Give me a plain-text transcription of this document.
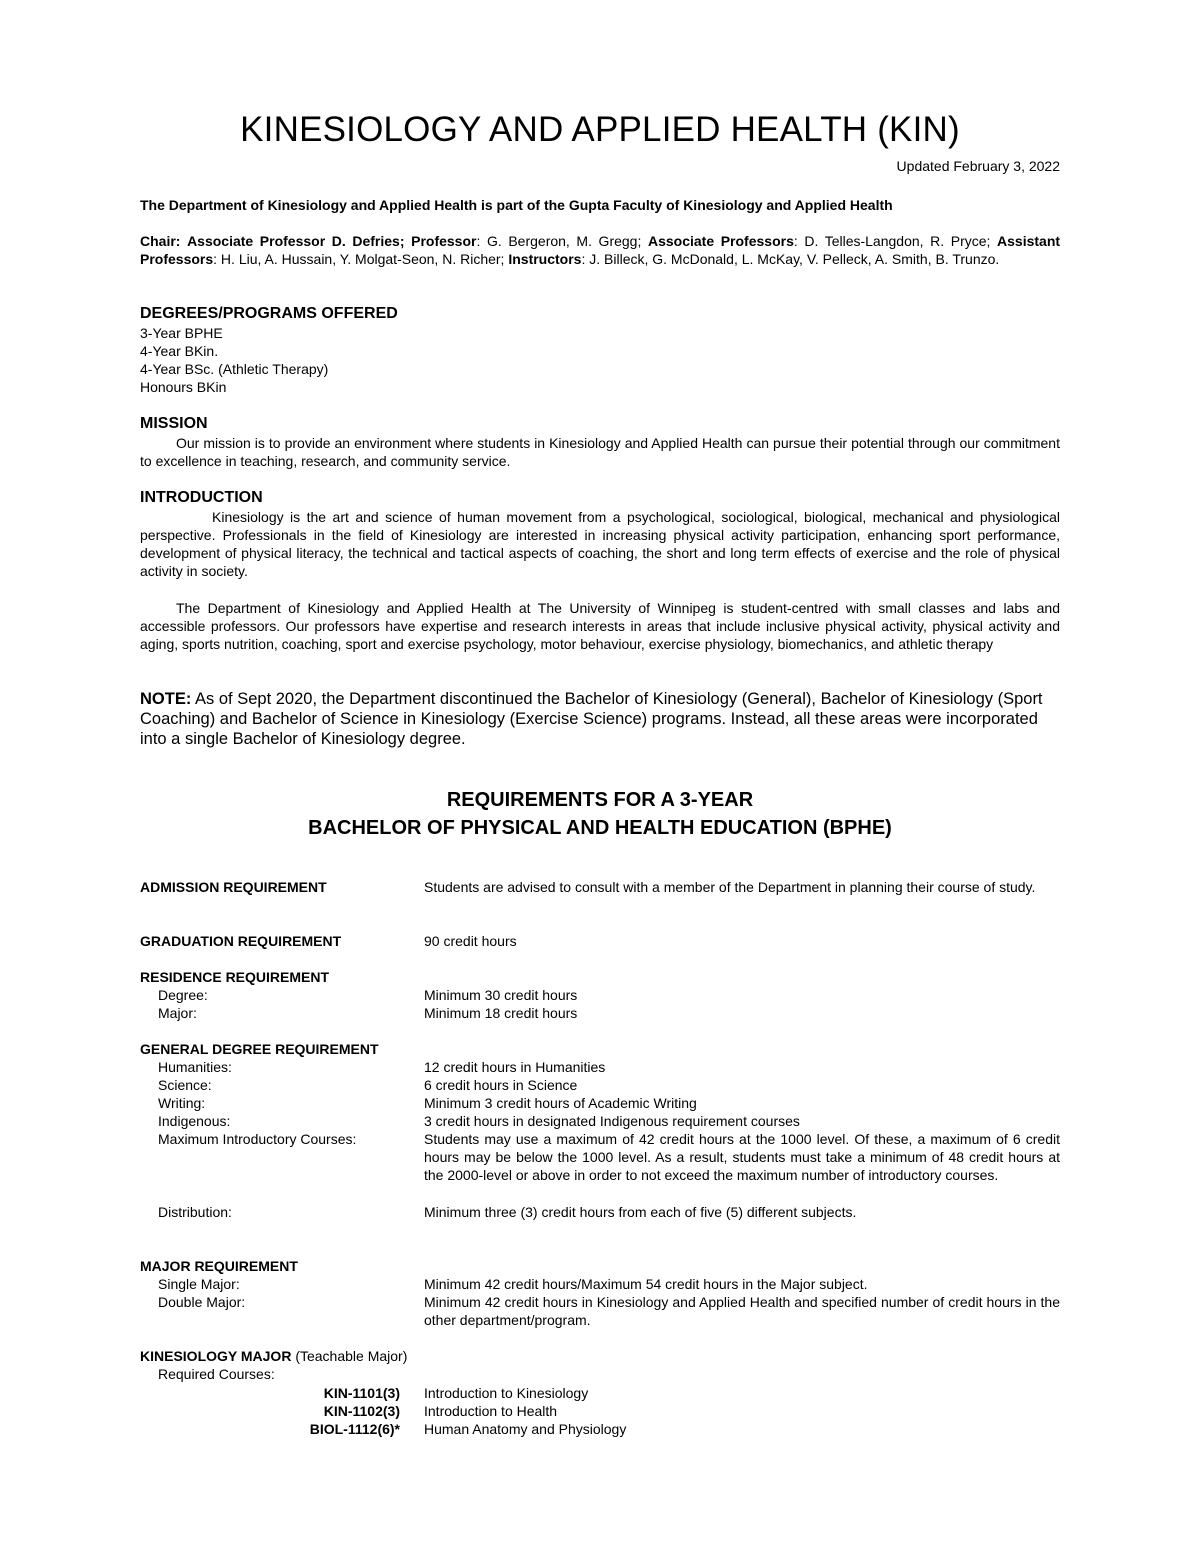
KINESIOLOGY AND APPLIED HEALTH (KIN)
Updated February 3, 2022
The Department of Kinesiology and Applied Health is part of the Gupta Faculty of Kinesiology and Applied Health
Chair: Associate Professor D. Defries; Professor: G. Bergeron, M. Gregg; Associate Professors: D. Telles-Langdon, R. Pryce; Assistant Professors: H. Liu, A. Hussain, Y. Molgat-Seon, N. Richer; Instructors: J. Billeck, G. McDonald, L. McKay, V. Pelleck, A. Smith, B. Trunzo.
DEGREES/PROGRAMS OFFERED
3-Year BPHE
4-Year BKin.
4-Year BSc. (Athletic Therapy)
Honours BKin
MISSION
Our mission is to provide an environment where students in Kinesiology and Applied Health can pursue their potential through our commitment to excellence in teaching, research, and community service.
INTRODUCTION
Kinesiology is the art and science of human movement from a psychological, sociological, biological, mechanical and physiological perspective. Professionals in the field of Kinesiology are interested in increasing physical activity participation, enhancing sport performance, development of physical literacy, the technical and tactical aspects of coaching, the short and long term effects of exercise and the role of physical activity in society.
The Department of Kinesiology and Applied Health at The University of Winnipeg is student-centred with small classes and labs and accessible professors. Our professors have expertise and research interests in areas that include inclusive physical activity, physical activity and aging, sports nutrition, coaching, sport and exercise psychology, motor behaviour, exercise physiology, biomechanics, and athletic therapy
NOTE: As of Sept 2020, the Department discontinued the Bachelor of Kinesiology (General), Bachelor of Kinesiology (Sport Coaching) and Bachelor of Science in Kinesiology (Exercise Science) programs. Instead, all these areas were incorporated into a single Bachelor of Kinesiology degree.
REQUIREMENTS FOR A 3-YEAR
BACHELOR OF PHYSICAL AND HEALTH EDUCATION (BPHE)
ADMISSION REQUIREMENT	Students are advised to consult with a member of the Department in planning their course of study.
GRADUATION REQUIREMENT	90 credit hours
RESIDENCE REQUIREMENT
Degree:	Minimum 30 credit hours
Major:	Minimum 18 credit hours
GENERAL DEGREE REQUIREMENT
Humanities:	12 credit hours in Humanities
Science:	6 credit hours in Science
Writing:	Minimum 3 credit hours of Academic Writing
Indigenous:	3 credit hours in designated Indigenous requirement courses
Maximum Introductory Courses:	Students may use a maximum of 42 credit hours at the 1000 level. Of these, a maximum of 6 credit hours may be below the 1000 level. As a result, students must take a minimum of 48 credit hours at the 2000-level or above in order to not exceed the maximum number of introductory courses.
Distribution:	Minimum three (3) credit hours from each of five (5) different subjects.
MAJOR REQUIREMENT
Single Major:	Minimum 42 credit hours/Maximum 54 credit hours in the Major subject.
Double Major:	Minimum 42 credit hours in Kinesiology and Applied Health and specified number of credit hours in the other department/program.
KINESIOLOGY MAJOR (Teachable Major)
Required Courses:
KIN-1101(3) Introduction to Kinesiology
KIN-1102(3) Introduction to Health
BIOL-1112(6)* Human Anatomy and Physiology
